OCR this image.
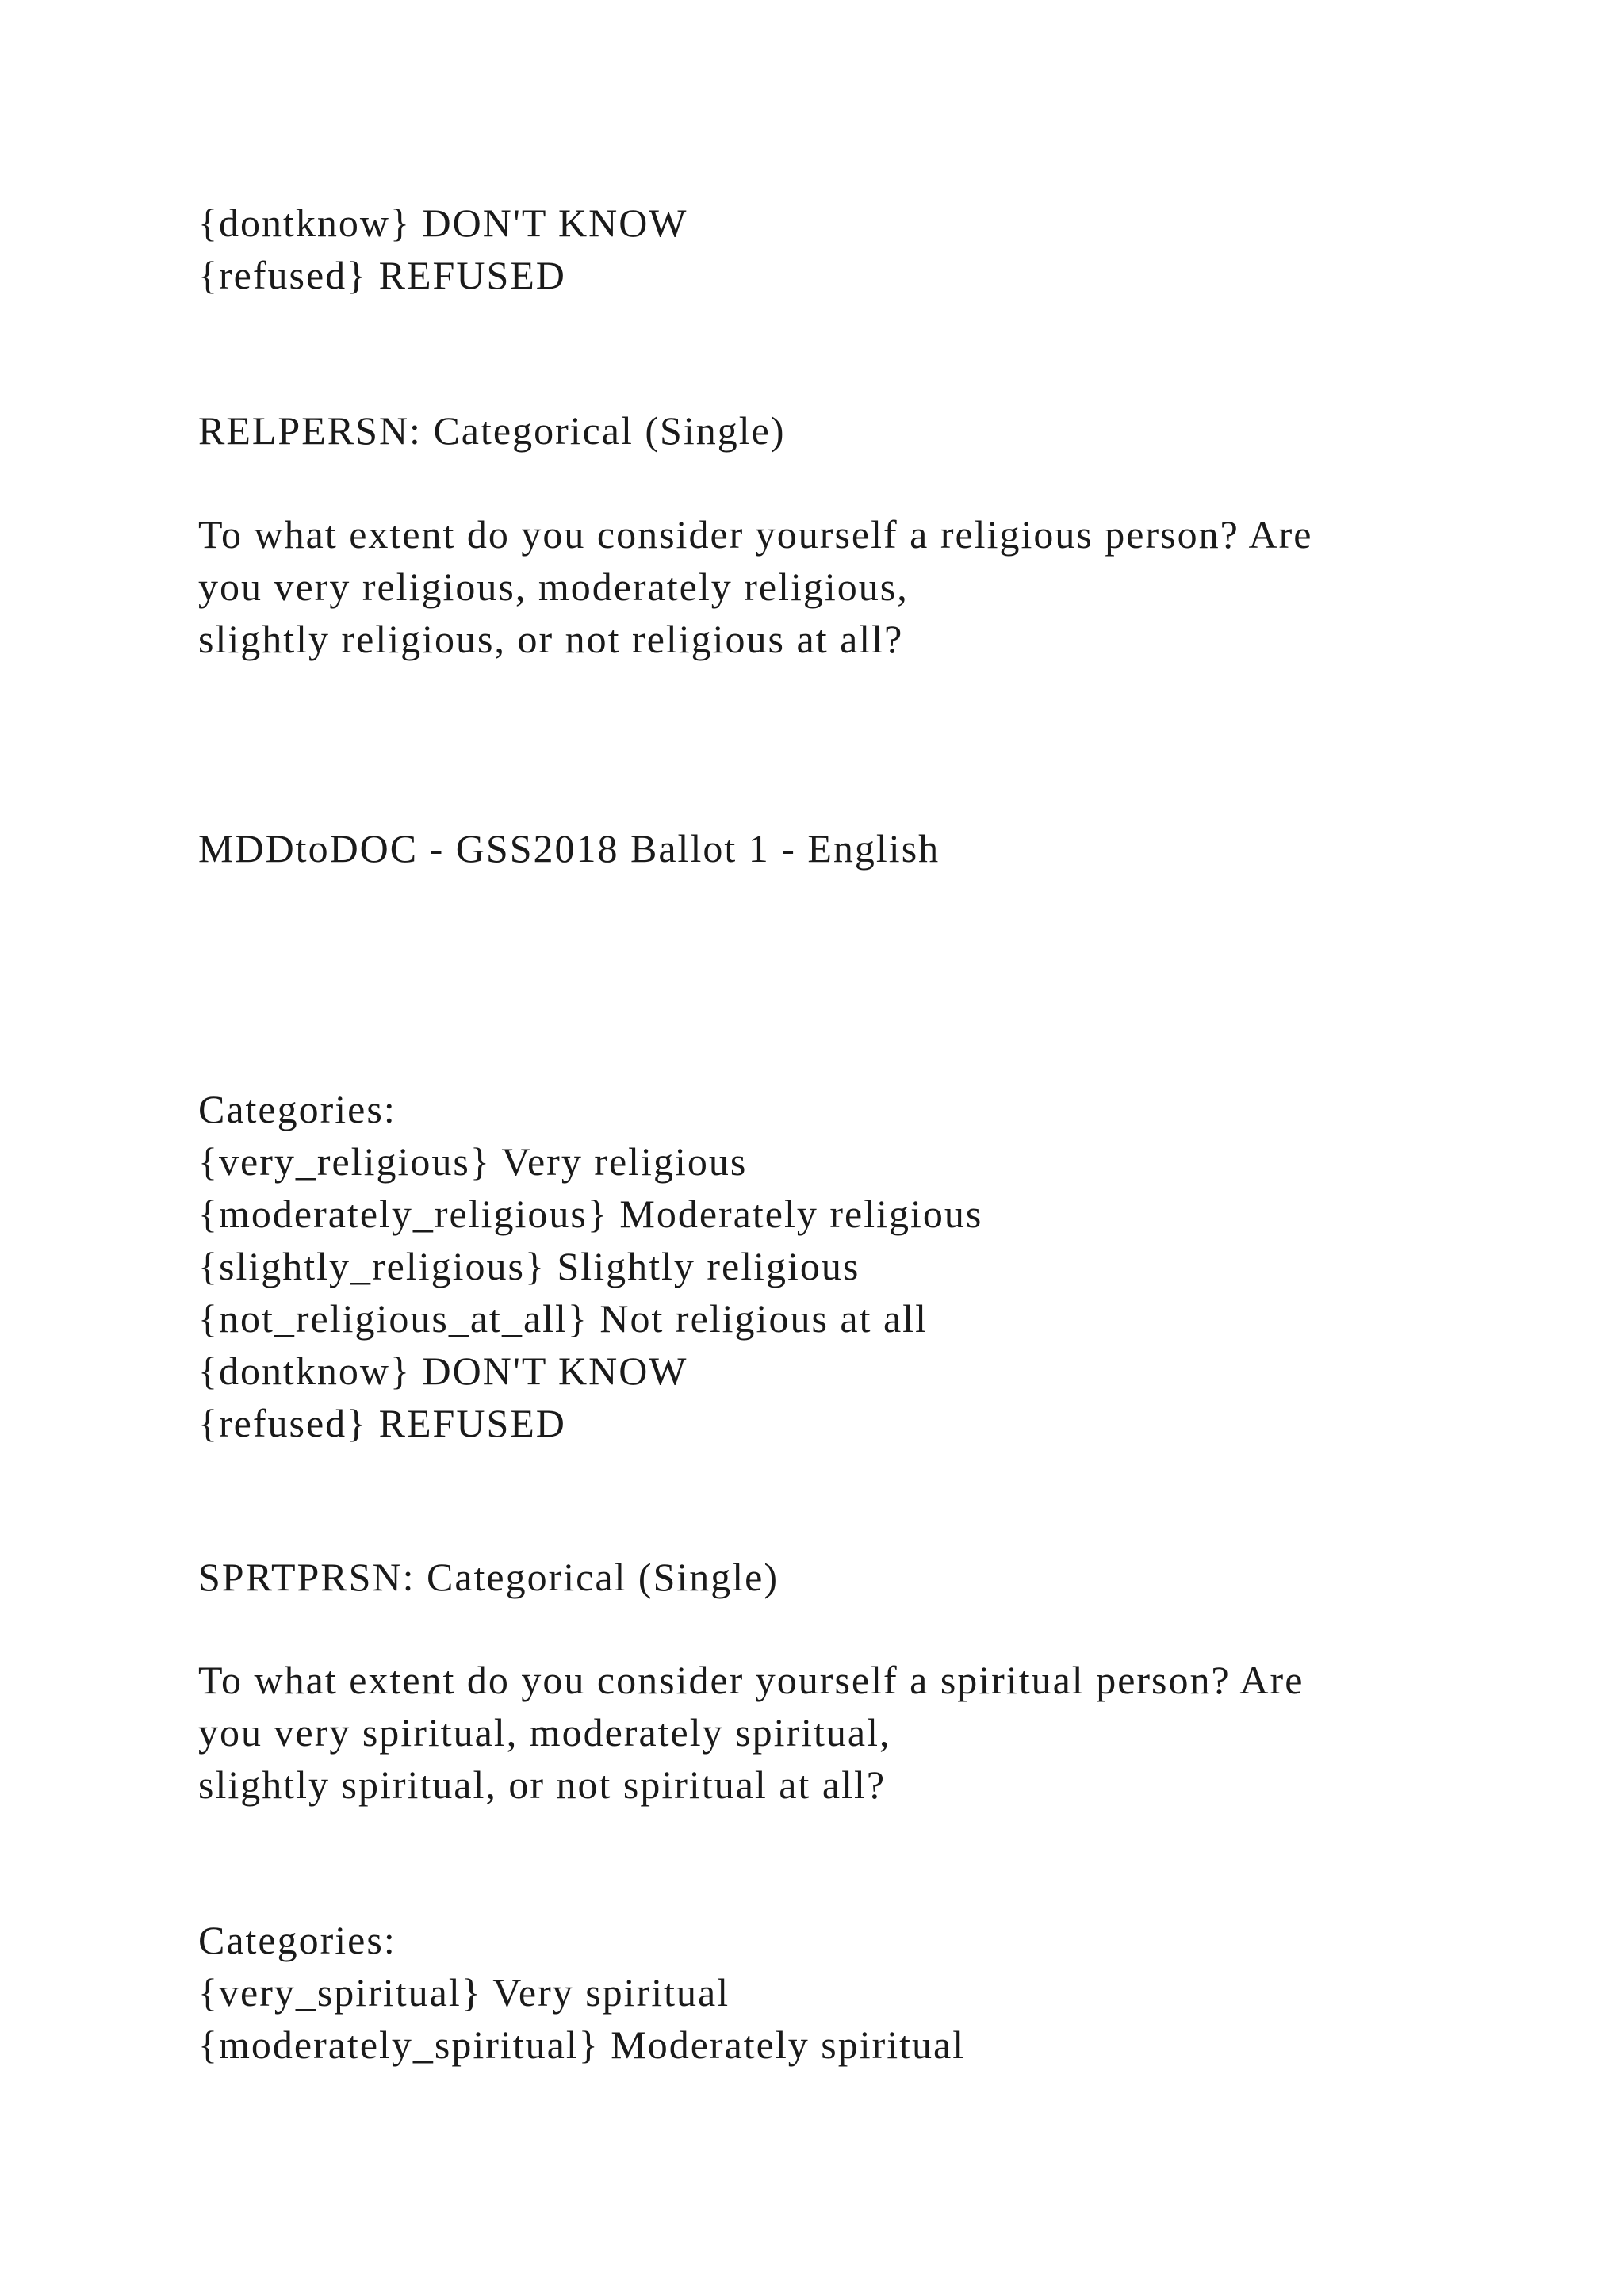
{dontknow} DON'T KNOW
{refused} REFUSED
RELPERSN: Categorical (Single)
To what extent do you consider yourself a religious person? Are
you very religious, moderately religious,
slightly religious, or not religious at all?
MDDtoDOC - GSS2018 Ballot 1 - English
Categories:
{very_religious} Very religious
{moderately_religious} Moderately religious
{slightly_religious} Slightly religious
{not_religious_at_all} Not religious at all
{dontknow} DON'T KNOW
{refused} REFUSED
SPRTPRSN: Categorical (Single)
To what extent do you consider yourself a spiritual person? Are
you very spiritual, moderately spiritual,
slightly spiritual, or not spiritual at all?
Categories:
{very_spiritual} Very spiritual
{moderately_spiritual} Moderately spiritual
